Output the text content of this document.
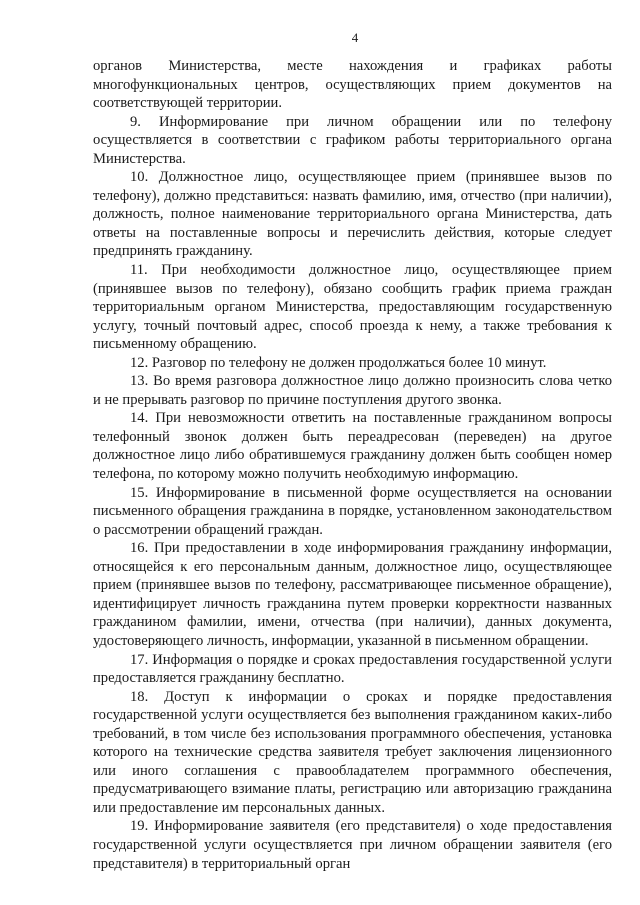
4

органов Министерства, месте нахождения и графиках работы многофункциональных центров, осуществляющих прием документов на соответствующей территории.

9. Информирование при личном обращении или по телефону осуществляется в соответствии с графиком работы территориального органа Министерства.

10. Должностное лицо, осуществляющее прием (принявшее вызов по телефону), должно представиться: назвать фамилию, имя, отчество (при наличии), должность, полное наименование территориального органа Министерства, дать ответы на поставленные вопросы и перечислить действия, которые следует предпринять гражданину.

11. При необходимости должностное лицо, осуществляющее прием (принявшее вызов по телефону), обязано сообщить график приема граждан территориальным органом Министерства, предоставляющим государственную услугу, точный почтовый адрес, способ проезда к нему, а также требования к письменному обращению.

12. Разговор по телефону не должен продолжаться более 10 минут.

13. Во время разговора должностное лицо должно произносить слова четко и не прерывать разговор по причине поступления другого звонка.

14. При невозможности ответить на поставленные гражданином вопросы телефонный звонок должен быть переадресован (переведен) на другое должностное лицо либо обратившемуся гражданину должен быть сообщен номер телефона, по которому можно получить необходимую информацию.

15. Информирование в письменной форме осуществляется на основании письменного обращения гражданина в порядке, установленном законодательством о рассмотрении обращений граждан.

16. При предоставлении в ходе информирования гражданину информации, относящейся к его персональным данным, должностное лицо, осуществляющее прием (принявшее вызов по телефону, рассматривающее письменное обращение), идентифицирует личность гражданина путем проверки корректности названных гражданином фамилии, имени, отчества (при наличии), данных документа, удостоверяющего личность, информации, указанной в письменном обращении.

17. Информация о порядке и сроках предоставления государственной услуги предоставляется гражданину бесплатно.

18. Доступ к информации о сроках и порядке предоставления государственной услуги осуществляется без выполнения гражданином каких-либо требований, в том числе без использования программного обеспечения, установка которого на технические средства заявителя требует заключения лицензионного или иного соглашения с правообладателем программного обеспечения, предусматривающего взимание платы, регистрацию или авторизацию гражданина или предоставление им персональных данных.

19. Информирование заявителя (его представителя) о ходе предоставления государственной услуги осуществляется при личном обращении заявителя (его представителя) в территориальный орган
